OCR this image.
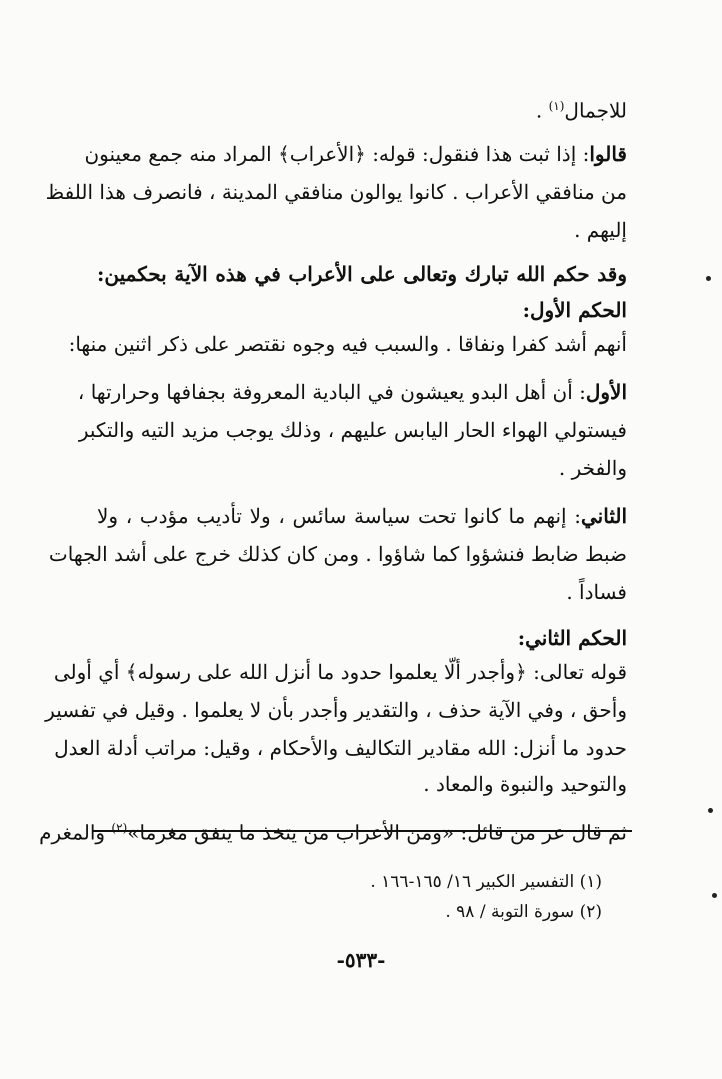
للاجمال$^{(١)}$ .
قالوا: إذا ثبت هذا فنقول: قوله: ﴿الأعراب﴾ المراد منه جمع معينون
من منافقي الأعراب . كانوا يوالون منافقي المدينة ، فانصرف هذا اللفظ
إليهم .
وقد حكم الله تبارك وتعالى على الأعراب في هذه الآية بحكمين:
الحكم الأول:
أنهم أشد كفرا ونفاقا . والسبب فيه وجوه نقتصر على ذكر اثنين منها:
الأول: أن أهل البدو يعيشون في البادية المعروفة بجفافها وحرارتها ،
فيستولي الهواء الحار اليابس عليهم ، وذلك يوجب مزيد التيه والتكبر
والفخر .
الثاني: إنهم ما كانوا تحت سياسة سائس ، ولا تأديب مؤدب ، ولا
ضبط ضابط فنشؤوا كما شاؤوا . ومن كان كذلك خرج على أشد الجهات
فساداً .
الحكم الثاني:
قوله تعالى: ﴿وأجدر ألّا يعلموا حدود ما أنزل الله على رسوله﴾ أي أولى
وأحق ، وفي الآية حذف ، والتقدير وأجدر بأن لا يعلموا . وقيل في تفسير
حدود ما أنزل: الله مقادير التكاليف والأحكام ، وقيل: مراتب أدلة العدل
والتوحيد والنبوة والمعاد .
ثم قال عز من قائل: «ومن الأعراب من يتخذ ما ينفق مغرما»$^{(٢)}$ والمغرم
(١) التفسير الكبير ١٦/ ١٦٥-١٦٦ .
(٢) سورة التوبة / ٩٨ .
-٥٣٣-
